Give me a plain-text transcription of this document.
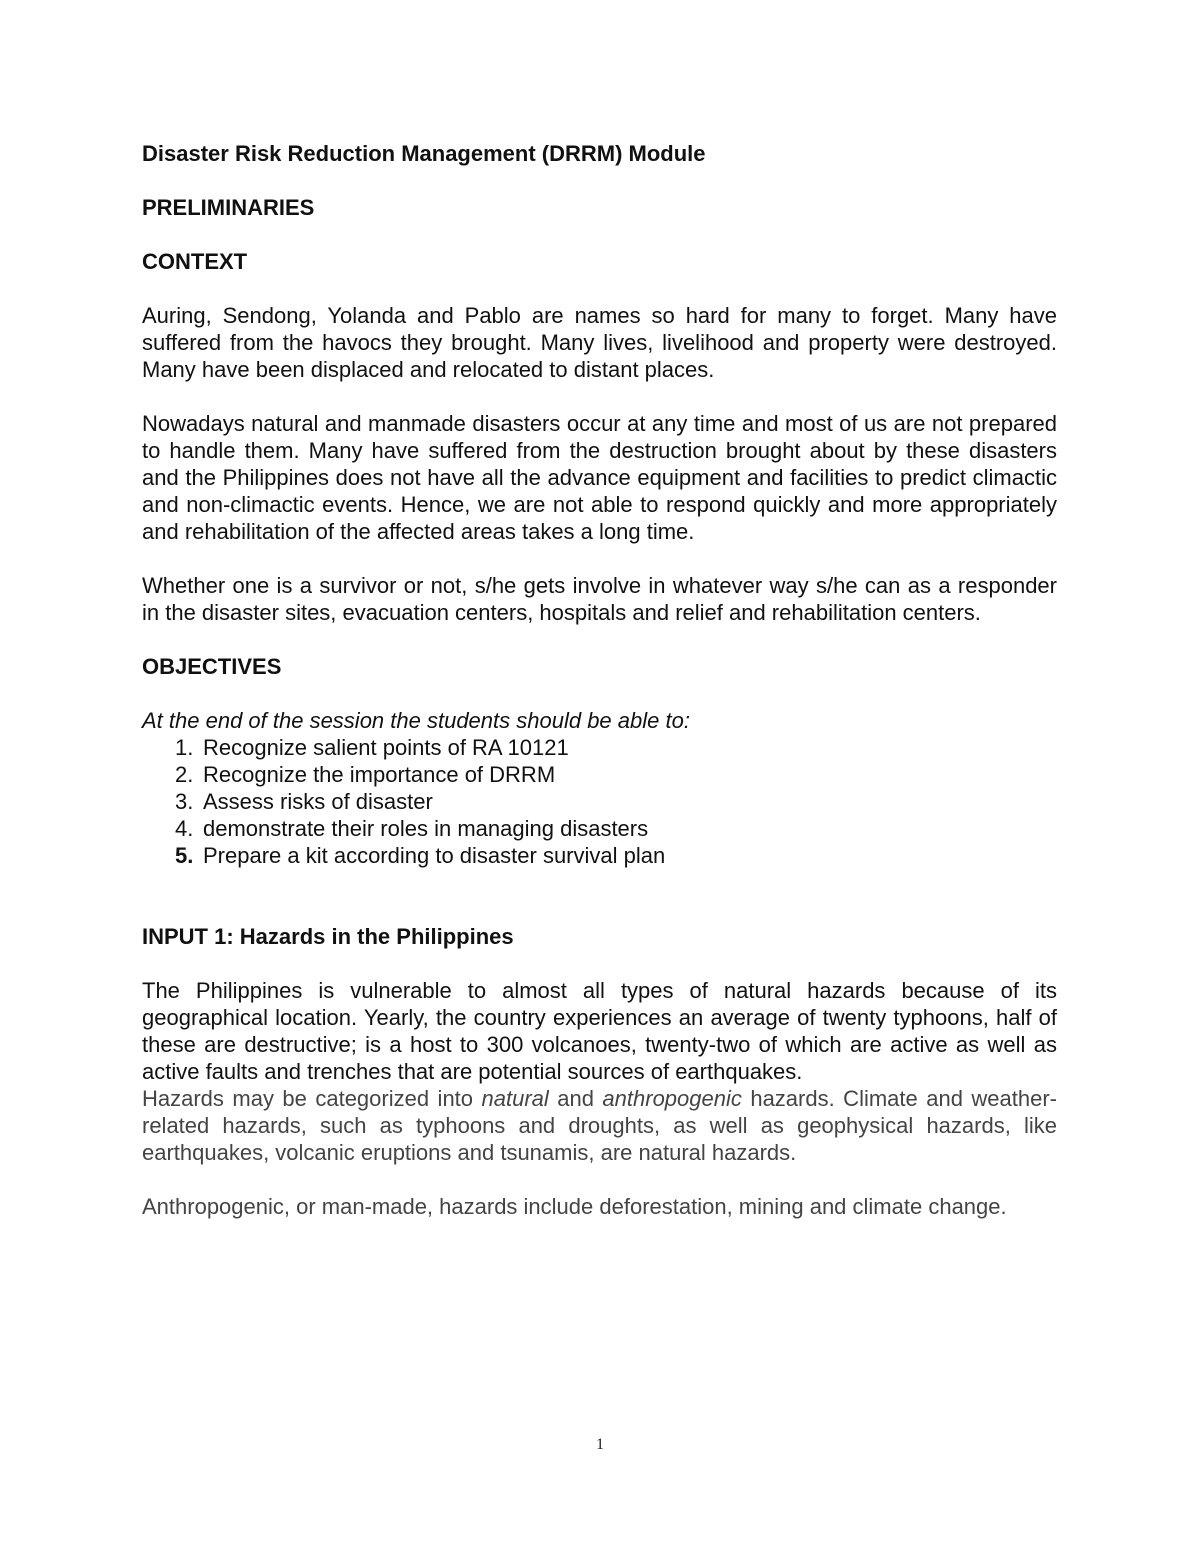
Disaster Risk Reduction Management (DRRM) Module
PRELIMINARIES
CONTEXT

Auring, Sendong, Yolanda and Pablo are names so hard for many to forget. Many have suffered from the havocs they brought. Many lives, livelihood and property were destroyed. Many have been displaced and relocated to distant places.

Nowadays natural and manmade disasters occur at any time and most of us are not prepared to handle them. Many have suffered from the destruction brought about by these disasters and the Philippines does not have all the advance equipment and facilities to predict climactic and non-climactic events. Hence, we are not able to respond quickly and more appropriately and rehabilitation of the affected areas takes a long time.

Whether one is a survivor or not, s/he gets involve in whatever way s/he can as a responder in the disaster sites, evacuation centers, hospitals and relief and rehabilitation centers.

OBJECTIVES

At the end of the session the students should be able to:

1. Recognize salient points of RA 10121
2. Recognize the importance of DRRM
3. Assess risks of disaster
4. demonstrate their roles in managing disasters
5. Prepare a kit according to disaster survival plan
INPUT 1: Hazards in the Philippines

The Philippines is vulnerable to almost all types of natural hazards because of its geographical location. Yearly, the country experiences an average of twenty typhoons, half of these are destructive; is a host to 300 volcanoes, twenty-two of which are active as well as active faults and trenches that are potential sources of earthquakes.

Hazards may be categorized into natural and anthropogenic hazards. Climate and weather-related hazards, such as typhoons and droughts, as well as geophysical hazards, like earthquakes, volcanic eruptions and tsunamis, are natural hazards.

Anthropogenic, or man-made, hazards include deforestation, mining and climate change.

1
